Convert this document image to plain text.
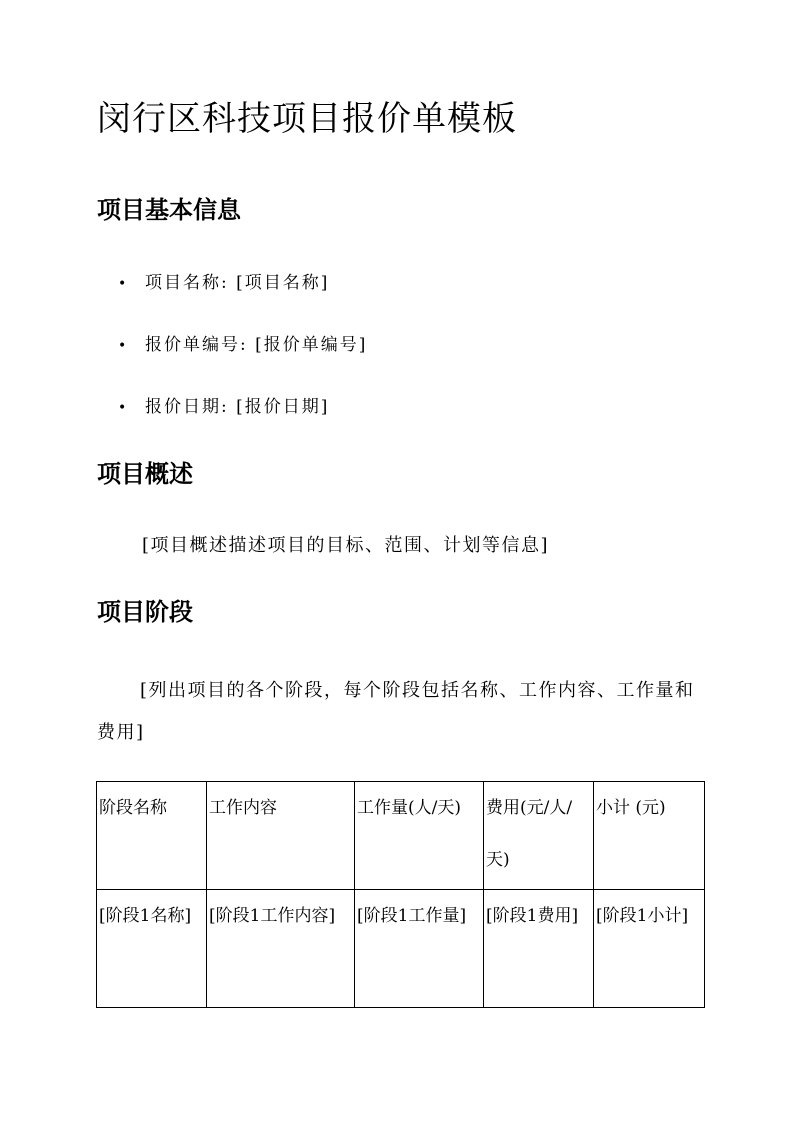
闵行区科技项目报价单模板
项目基本信息
• 项目名称: [项目名称]
• 报价单编号: [报价单编号]
• 报价日期: [报价日期]
项目概述

[项目概述描述项目的目标、范围、计划等信息]

项目阶段

[列出项目的各个阶段，每个阶段包括名称、工作内容、工作量和费用]

阶段名称	工作内容	工作量(人/天)	费用(元/人/天)	小计 (元)
[阶段1名称]	[阶段1工作内容]	[阶段1工作量]	[阶段1费用]	[阶段1小计]
